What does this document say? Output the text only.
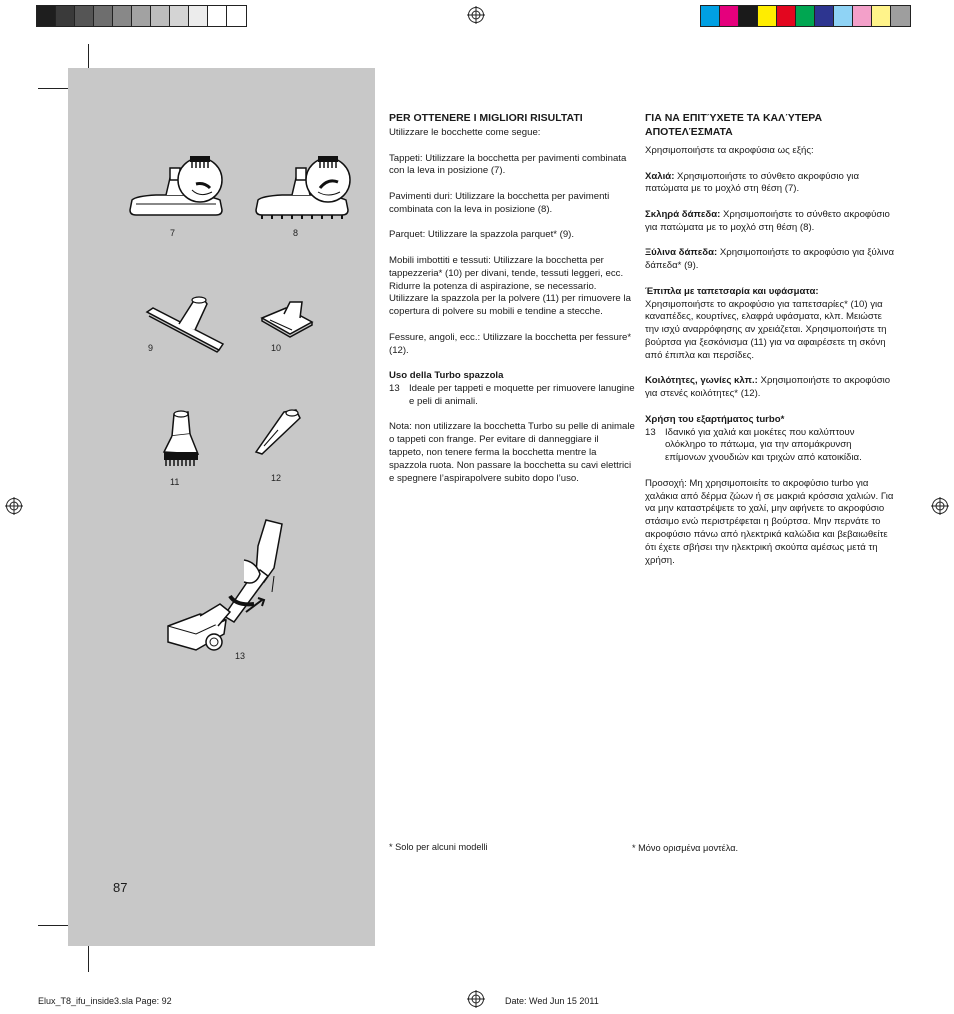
7	8
9	10
11	12
13
PER OTTENERE I MIGLIORI RISULTATI

Utilizzare le bocchette come segue:

Tappeti: Utilizzare la bocchetta per pavimenti combinata con la leva in posizione (7).

Pavimenti duri: Utilizzare la bocchetta per pavimenti combinata con la leva in posizione (8).

Parquet: Utilizzare la spazzola parquet* (9).

Mobili imbottiti e tessuti: Utilizzare la bocchetta per tappezzeria* (10) per divani, tende, tessuti leggeri, ecc. Ridurre la potenza di aspirazione, se necessario. Utilizzare la spazzola per la polvere (11) per rimuovere la copertura di polvere su mobili e tendine a stecche.

Fessure, angoli, ecc.: Utilizzare la bocchetta per fessure* (12).

Uso della Turbo spazzola
13 Ideale per tappeti e moquette per rimuovere lanugine e peli di animali.

Nota: non utilizzare la bocchetta Turbo su pelle di animale o tappeti con frange. Per evitare di danneggiare il tappeto, non tenere ferma la bocchetta mentre la spazzola ruota. Non passare la bocchetta su cavi elettrici e spegnere l’aspirapolvere subito dopo l’uso.

ΓΙΑ ΝΑ ΕΠΙΤΎΧΕΤΕ ΤΑ ΚΑΛΎΤΕΡΑ ΑΠΟΤΕΛΈΣΜΑΤΑ

Χρησιμοποιήστε τα ακροφύσια ως εξής:

Χαλιά: Χρησιμοποιήστε το σύνθετο ακροφύσιο για πατώματα με το μοχλό στη θέση (7).

Σκληρά δάπεδα: Χρησιμοποιήστε το σύνθετο ακροφύσιο για πατώματα με το μοχλό στη θέση (8).

Ξύλινα δάπεδα: Χρησιμοποιήστε το ακροφύσιο για ξύλινα δάπεδα* (9).

Έπιπλα με ταπετσαρία και υφάσματα:

Χρησιμοποιήστε το ακροφύσιο για ταπετσαρίες* (10) για καναπέδες, κουρτίνες, ελαφρά υφάσματα, κλπ. Μειώστε την ισχύ αναρρόφησης αν χρειάζεται. Χρησιμοποιήστε τη βούρτσα για ξεσκόνισμα (11) για να αφαιρέσετε τη σκόνη από έπιπλα και περσίδες.

Κοιλότητες, γωνίες κλπ.: Χρησιμοποιήστε το ακροφύσιο για στενές κοιλότητες* (12).

Χρήση του εξαρτήματος turbo*
13 Ιδανικό για χαλιά και μοκέτες που καλύπτουν ολόκληρο το πάτωμα, για την απομάκρυνση επίμονων χνουδιών και τριχών από κατοικίδια.

Προσοχή: Μη χρησιμοποιείτε το ακροφύσιο turbo για χαλάκια από δέρμα ζώων ή σε μακριά κρόσσια χαλιών. Για να μην καταστρέψετε το χαλί, μην αφήνετε το ακροφύσιο στάσιμο ενώ περιστρέφεται η βούρτσα. Μην περνάτε το ακροφύσιο πάνω από ηλεκτρικά καλώδια και βεβαιωθείτε ότι έχετε σβήσει την ηλεκτρική σκούπα αμέσως μετά τη χρήση.

* Solo per alcuni modelli	* Μόνο ορισμένα μοντέλα.
87
Elux_T8_ifu_inside3.sla Page: 92	Date: Wed Jun 15 2011
